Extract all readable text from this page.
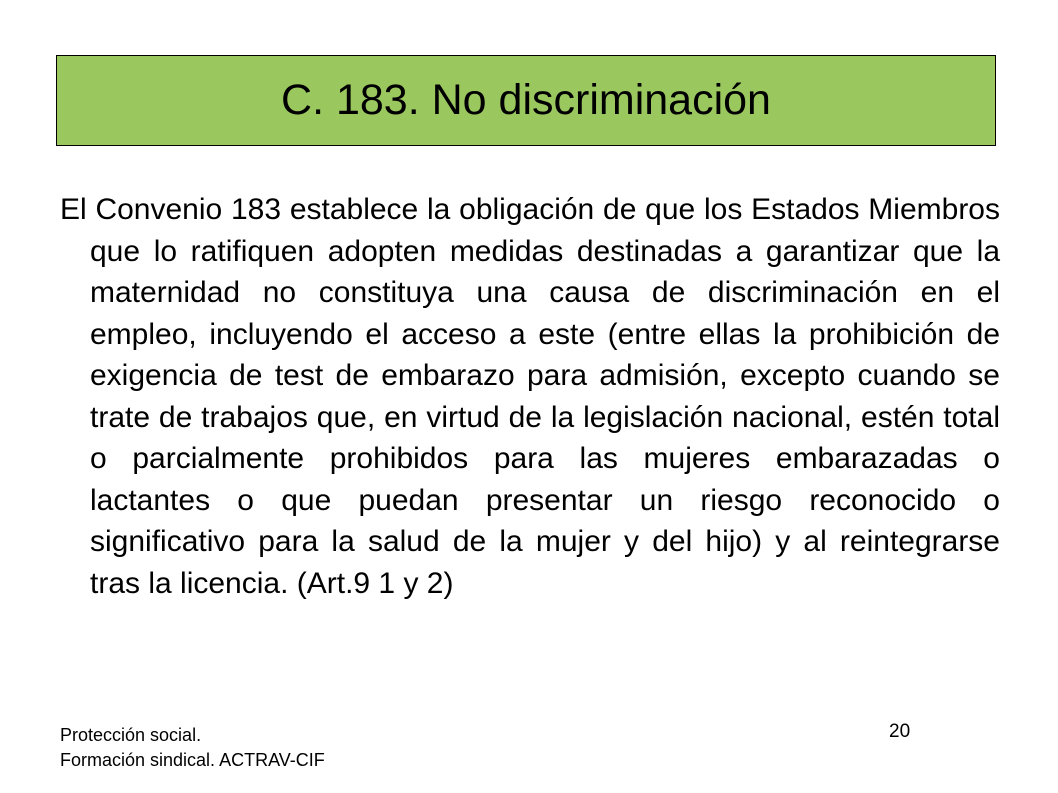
C. 183. No discriminación

El Convenio 183 establece la obligación de que los Estados Miembros que lo ratifiquen adopten medidas destinadas a garantizar que la maternidad no constituya una causa de discriminación en el empleo, incluyendo el acceso a este (entre ellas la prohibición de exigencia de test de embarazo para admisión, excepto cuando se trate de trabajos que, en virtud de la legislación nacional, estén total o parcialmente prohibidos para las mujeres embarazadas o lactantes o que puedan presentar un riesgo reconocido o significativo para la salud de la mujer y del hijo) y al reintegrarse tras la licencia. (Art.9 1 y 2)

Protección social.
Formación sindical. ACTRAV-CIF
20
